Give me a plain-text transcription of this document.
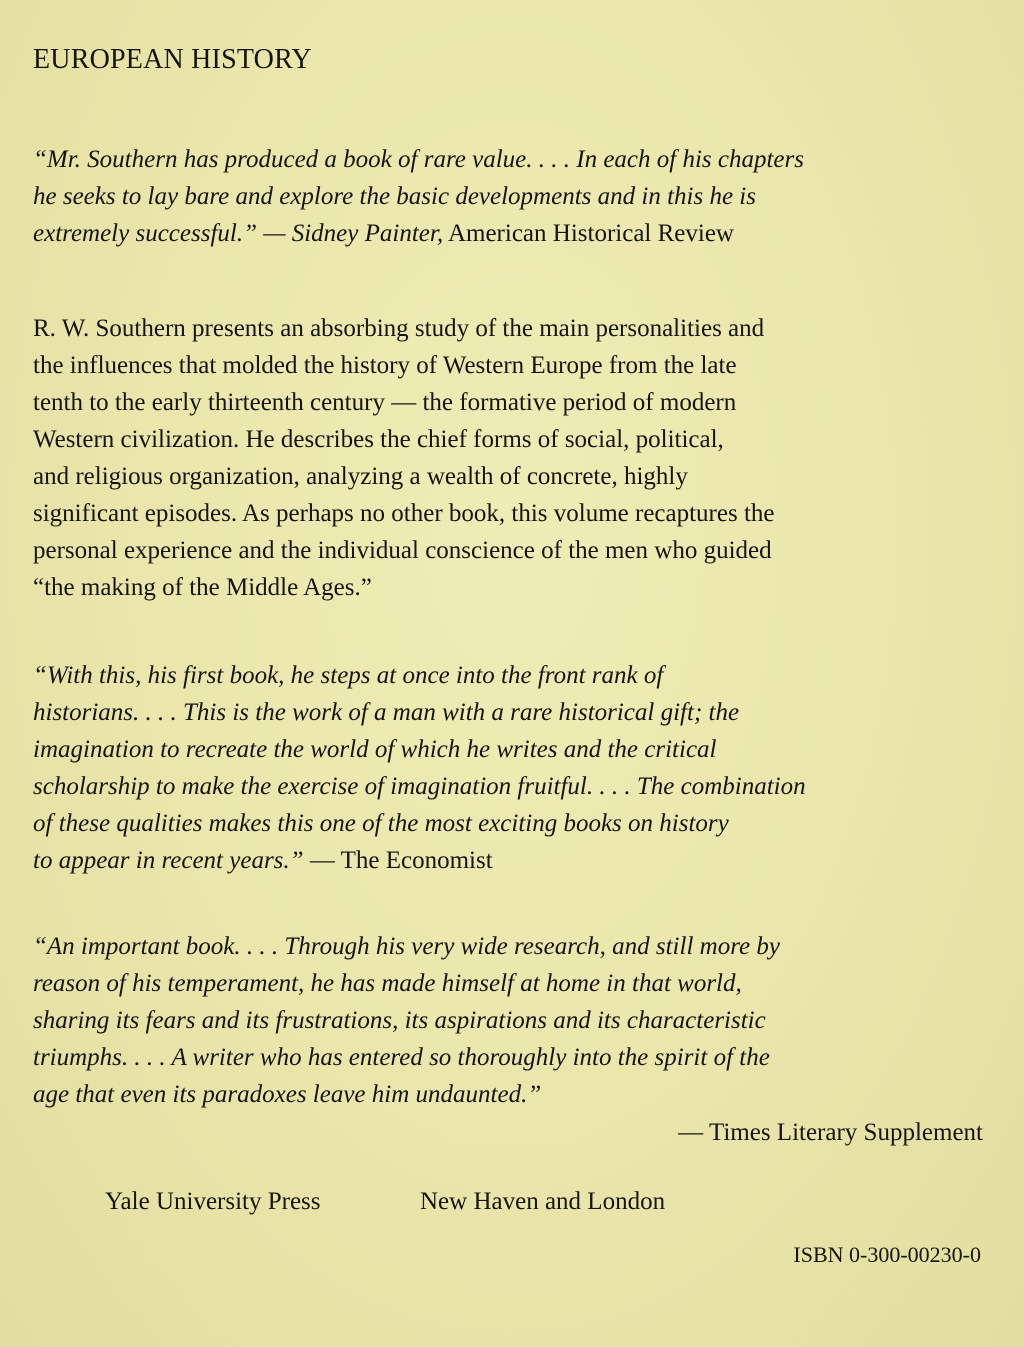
EUROPEAN HISTORY
“Mr. Southern has produced a book of rare value. . . . In each of his chapters
he seeks to lay bare and explore the basic developments and in this he is
extremely successful.” — Sidney Painter, American Historical Review
R. W. Southern presents an absorbing study of the main personalities and
the influences that molded the history of Western Europe from the late
tenth to the early thirteenth century — the formative period of modern
Western civilization. He describes the chief forms of social, political,
and religious organization, analyzing a wealth of concrete, highly
significant episodes. As perhaps no other book, this volume recaptures the
personal experience and the individual conscience of the men who guided
“the making of the Middle Ages.”
“With this, his first book, he steps at once into the front rank of
historians. . . . This is the work of a man with a rare historical gift; the
imagination to recreate the world of which he writes and the critical
scholarship to make the exercise of imagination fruitful. . . . The combination
of these qualities makes this one of the most exciting books on history
to appear in recent years.” — The Economist
“An important book. . . . Through his very wide research, and still more by
reason of his temperament, he has made himself at home in that world,
sharing its fears and its frustrations, its aspirations and its characteristic
triumphs. . . . A writer who has entered so thoroughly into the spirit of the
age that even its paradoxes leave him undaunted.”
— Times Literary Supplement
Yale University Press	New Haven and London
ISBN 0-300-00230-0
